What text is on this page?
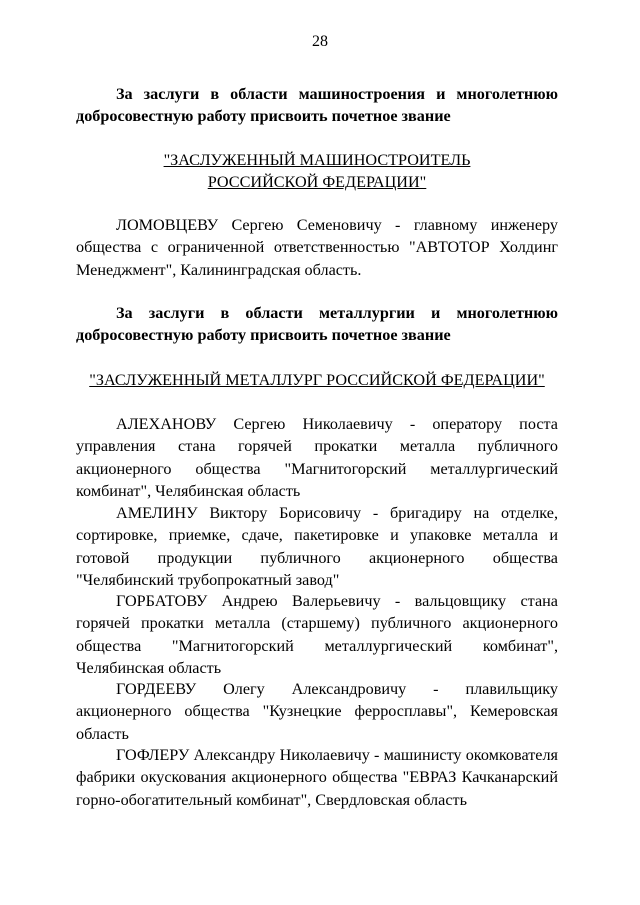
28
За заслуги в области машиностроения и многолетнюю добросовестную работу присвоить почетное звание
"ЗАСЛУЖЕННЫЙ МАШИНОСТРОИТЕЛЬ
РОССИЙСКОЙ ФЕДЕРАЦИИ"
ЛОМОВЦЕВУ Сергею Семеновичу - главному инженеру общества с ограниченной ответственностью "АВТОТОР Холдинг Менеджмент", Калининградская область.
За заслуги в области металлургии и многолетнюю добросовестную работу присвоить почетное звание
"ЗАСЛУЖЕННЫЙ МЕТАЛЛУРГ РОССИЙСКОЙ ФЕДЕРАЦИИ"
АЛЕХАНОВУ Сергею Николаевичу - оператору поста управления стана горячей прокатки металла публичного акционерного общества "Магнитогорский металлургический комбинат", Челябинская область
АМЕЛИНУ Виктору Борисовичу - бригадиру на отделке, сортировке, приемке, сдаче, пакетировке и упаковке металла и готовой продукции публичного акционерного общества "Челябинский трубопрокатный завод"
ГОРБАТОВУ Андрею Валерьевичу - вальцовщику стана горячей прокатки металла (старшему) публичного акционерного общества "Магнитогорский металлургический комбинат", Челябинская область
ГОРДЕЕВУ Олегу Александровичу - плавильщику акционерного общества "Кузнецкие ферросплавы", Кемеровская область
ГОФЛЕРУ Александру Николаевичу - машинисту окомкователя фабрики окускования акционерного общества "ЕВРАЗ Качканарский горно-обогатительный комбинат", Свердловская область
